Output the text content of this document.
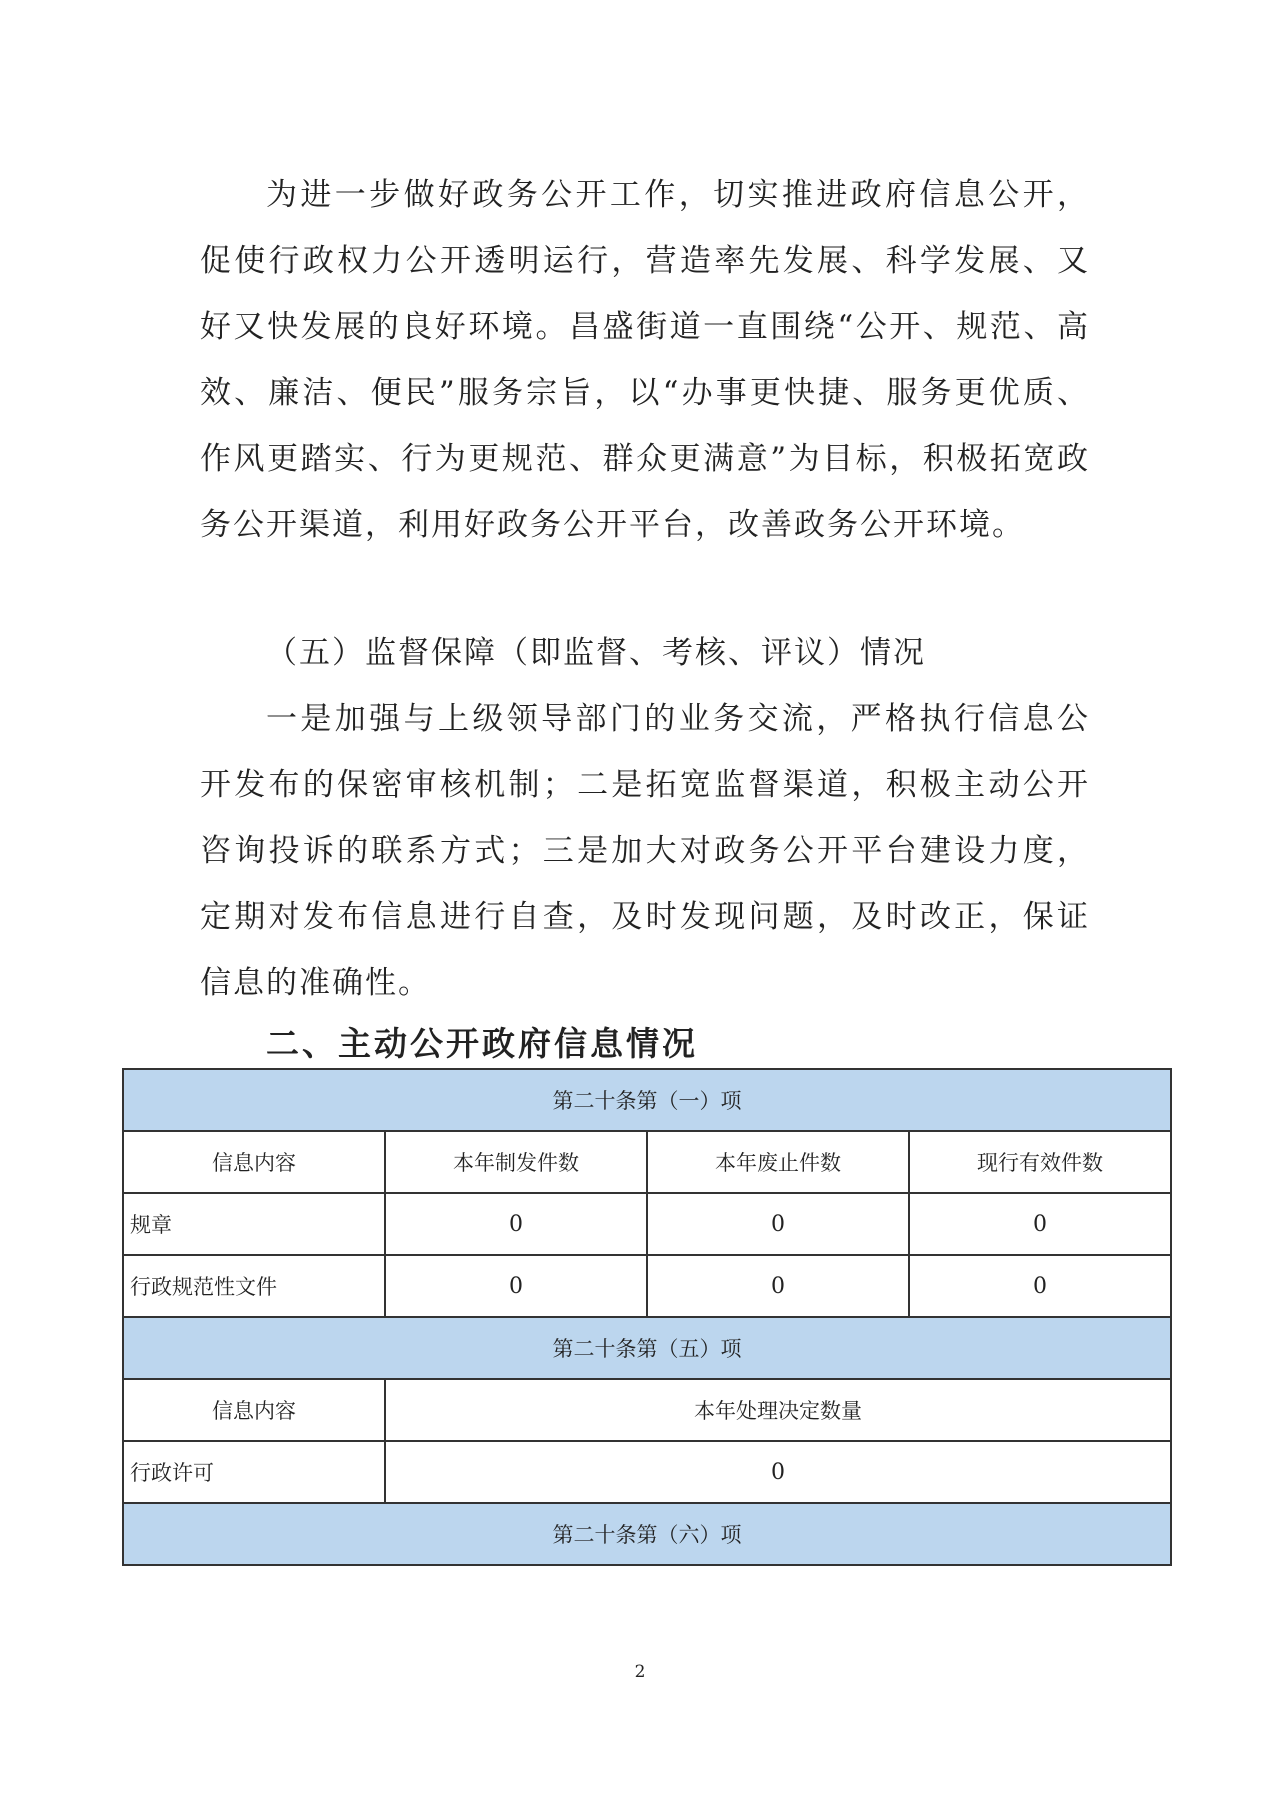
为进一步做好政务公开工作，切实推进政府信息公开，促使行政权力公开透明运行，营造率先发展、科学发展、又好又快发展的良好环境。昌盛街道一直围绕“公开、规范、高效、廉洁、便民”服务宗旨，以“办事更快捷、服务更优质、作风更踏实、行为更规范、群众更满意”为目标，积极拓宽政务公开渠道，利用好政务公开平台，改善政务公开环境。

（五）监督保障（即监督、考核、评议）情况

一是加强与上级领导部门的业务交流，严格执行信息公开发布的保密审核机制；二是拓宽监督渠道，积极主动公开咨询投诉的联系方式；三是加大对政务公开平台建设力度，定期对发布信息进行自查，及时发现问题，及时改正，保证信息的准确性。

二、主动公开政府信息情况
第二十条第（一）项			
信息内容	本年制发件数	本年废止件数	现行有效件数
规章	0	0	0
行政规范性文件	0	0	0
第二十条第（五）项			
信息内容	本年处理决定数量		
行政许可	0		
第二十条第（六）项			
2
